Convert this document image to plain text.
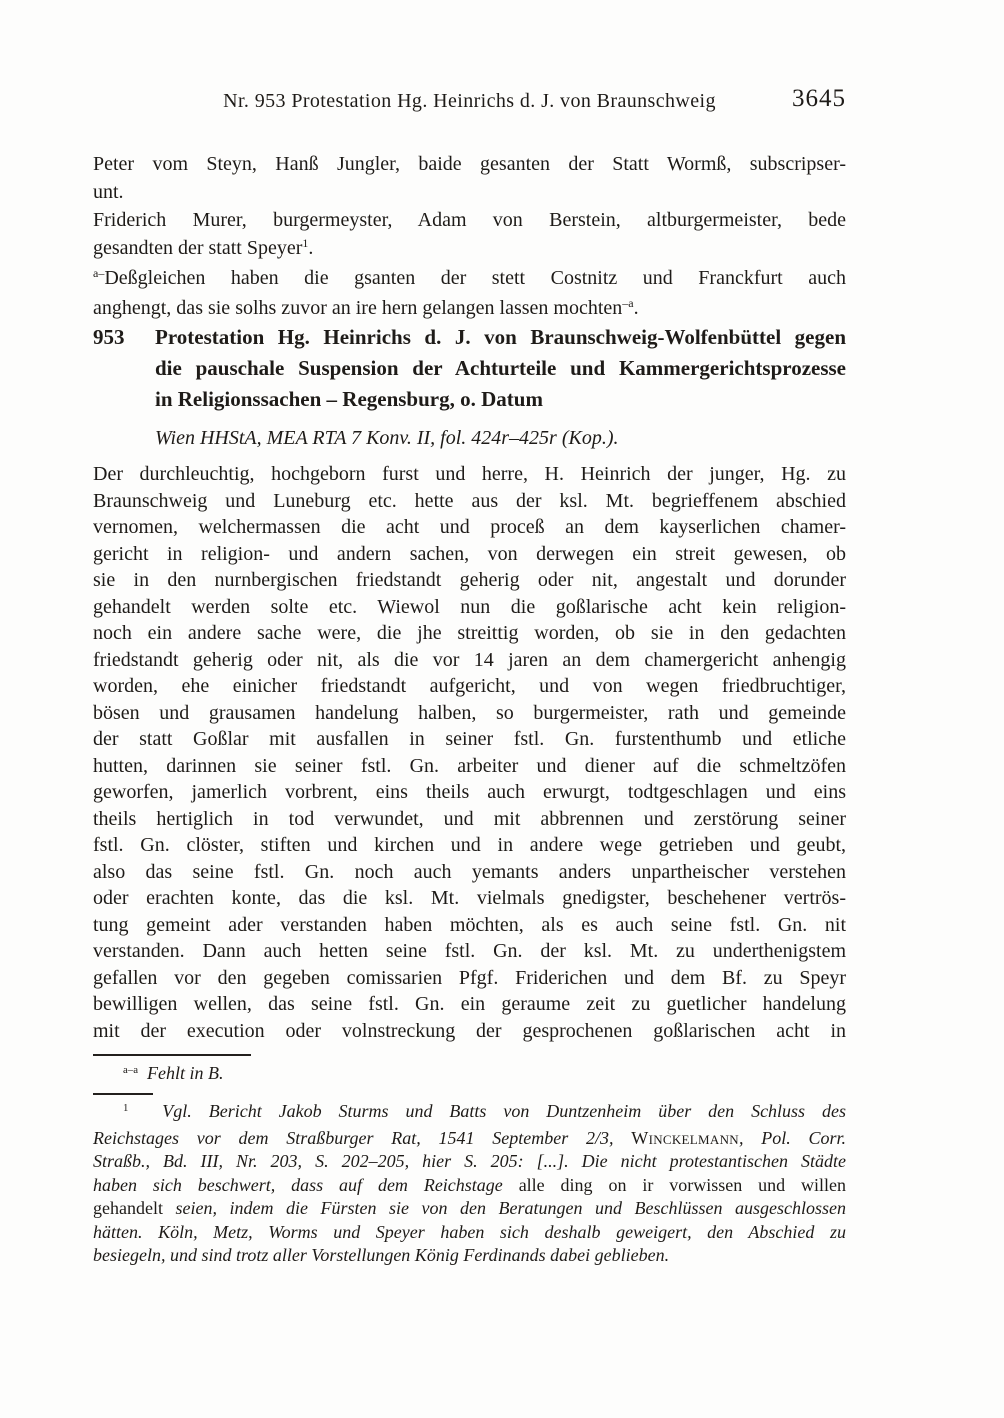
Nr. 953 Protestation Hg. Heinrichs d. J. von Braunschweig	3645
Peter vom Steyn, Hanß Jungler, baide gesanten der Statt Wormß, subscripser-
unt.
Friderich Murer, burgermeyster, Adam von Berstein, altburgermeister, bede
gesandten der statt Speyer$^1$.
$^{a-}$Deßgleichen haben die gsanten der stett Costnitz und Franckfurt auch
anghengt, das sie solhs zuvor an ire hern gelangen lassen mochten$^{-a}$.
953 Protestation Hg. Heinrichs d. J. von Braunschweig-Wolfenbüttel gegen
die pauschale Suspension der Achturteile und Kammergerichtsprozesse
in Religionssachen – Regensburg, o. Datum
Wien HHStA, MEA RTA 7 Konv. II, fol. 424r–425r (Kop.).
Der durchleuchtig, hochgeborn furst und herre, H. Heinrich der junger, Hg. zu
Braunschweig und Luneburg etc. hette aus der ksl. Mt. begrieffenem abschied
vernomen, welchermassen die acht und proceß an dem kayserlichen chamer-
gericht in religion- und andern sachen, von derwegen ein streit gewesen, ob
sie in den nurnbergischen friedstandt geherig oder nit, angestalt und dorunder
gehandelt werden solte etc. Wiewol nun die goßlarische acht kein religion-
noch ein andere sache were, die jhe streittig worden, ob sie in den gedachten
friedstandt geherig oder nit, als die vor 14 jaren an dem chamergericht anhengig
worden, ehe einicher friedstandt aufgericht, und von wegen friedbruchtiger,
bösen und grausamen handelung halben, so burgermeister, rath und gemeinde
der statt Goßlar mit ausfallen in seiner fstl. Gn. furstenthumb und etliche
hutten, darinnen sie seiner fstl. Gn. arbeiter und diener auf die schmeltzöfen
geworfen, jamerlich vorbrent, eins theils auch erwurgt, todtgeschlagen und eins
theils hertiglich in tod verwundet, und mit abbrennen und zerstörung seiner
fstl. Gn. clöster, stiften und kirchen und in andere wege getrieben und geubt,
also das seine fstl. Gn. noch auch yemants anders unpartheischer verstehen
oder erachten konte, das die ksl. Mt. vielmals gnedigster, beschehener vertrös-
tung gemeint ader verstanden haben möchten, als es auch seine fstl. Gn. nit
verstanden. Dann auch hetten seine fstl. Gn. der ksl. Mt. zu underthenigstem
gefallen vor den gegeben comissarien Pfgf. Friderichen und dem Bf. zu Speyr
bewilligen wellen, das seine fstl. Gn. ein geraume zeit zu guetlicher handelung
mit der execution oder volnstreckung der gesprochenen goßlarischen acht in
$^{a-a}$ Fehlt in B.
$^1$  Vgl. Bericht Jakob Sturms und Batts von Duntzenheim über den Schluss des
Reichstages vor dem Straßburger Rat, 1541 September 2/3, Winckelmann, Pol. Corr.
Straßb., Bd. III, Nr. 203, S. 202–205, hier S. 205: [...]. Die nicht protestantischen Städte
haben sich beschwert, dass auf dem Reichstage alle ding on ir vorwissen und willen
gehandelt seien, indem die Fürsten sie von den Beratungen und Beschlüssen ausgeschlossen
hätten. Köln, Metz, Worms und Speyer haben sich deshalb geweigert, den Abschied zu
besiegeln, und sind trotz aller Vorstellungen König Ferdinands dabei geblieben.
